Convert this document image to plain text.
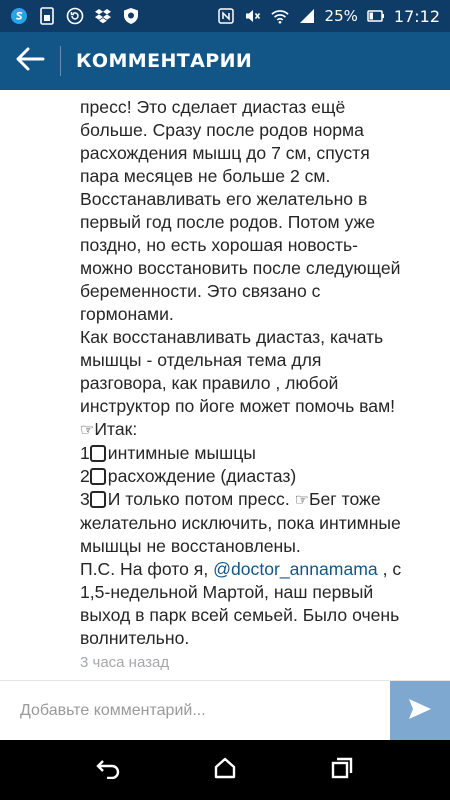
25% 17:12
КОММЕНТАРИИ
пресс! Это сделает диастаз ещё
больше. Сразу после родов норма
расхождения мышц до 7 см, спустя
пара месяцев не больше 2 см.
Восстанавливать его желательно в
первый год после родов. Потом уже
поздно, но есть хорошая новость-
можно восстановить после следующей
беременности. Это связано с
гормонами.
Как восстанавливать диастаз, качать
мышцы - отдельная тема для
разговора, как правило , любой
инструктор по йоге может помочь вам!
☞Итак:
1 интимные мышцы
2 расхождение (диастаз)
3 И только потом пресс. ☞Бег тоже
желательно исключить, пока интимные
мышцы не восстановлены.
П.С. На фото я, @doctor_annamama , с
1,5-недельной Мартой, наш первый
выход в парк всей семьей. Было очень
волнительно.
3 часа назад
Добавьте комментарий...
